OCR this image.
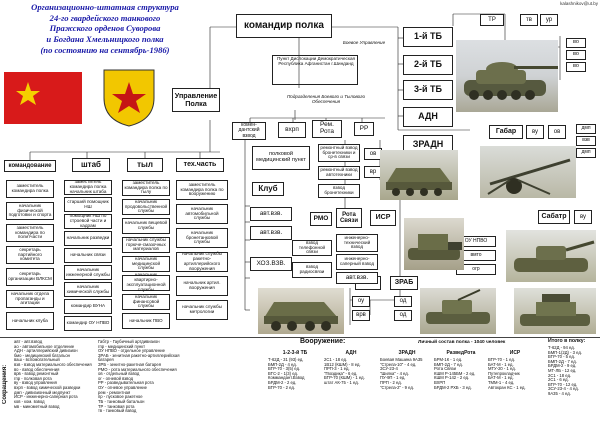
Организационно-штатная структура
24-го гвардейского танкового
Пражского орденов Суворова
и Богдана Хмельницкого полка
(по состоянию на сентябрь-1986)
kalashnikov@ut.by
командир полка
Управление Полка
Боевое Управление
Пункт Дислокации Демократическая Республика Афганистан г.Шинданд
Подразделения Боевого и Тылового Обеспечения
1-й ТБ
2-й ТБ
3-й ТБ
АДН
ЗРАДН
ТР	тв	ур
во
во
во
Габар	ву	ов
дмп
взв
дмп
Сабатр	ву
ОУ НПВО
вмто
огр
ЗРАБ
оу
врв
од
од
комен-дантский взвод
вхрп
Рем. Рота	РР
полковой медицинский пункт
Клуб
авт.взв.
авт.взв.
ХОЗ.ВЗВ.
РМО	Рота Связи	ИСР
ремонтный взвод бронетехники и ср-в связи
ремонтный взвод автотехники
взвод бронетехники
ов
вр
взвод телефонной связи
взвод радиосвязи
инженерно-технический взвод
инженерно-саперный взвод
авт.взв.
командование	штаб	тыл	тех.часть
заместитель командира полка
начальник физической подготовки и спорта
заместитель командира по политчасти
секретарь партийного комитета
секретарь организации ВЛКСМ
начальник отдела пропаганды и агитации
начальник клуба
заместитель командира полка начальник штаба
старший помощник НШ
помощник НШ по строевой части и кадрам
начальник разведки
начальник связи
начальник инженерной службы
начальник химической службы
командир ВУНА
командир ОУ НПВО
заместитель командира полка по тылу
начальник продовольственной службы
начальник вещевой службы
начальник службы горюче-смазочных материалов
начальник медицинской службы
начальник квартирно-эксплуатационной службы
начальник финансовой службы
начальник ПВО
заместитель командира полка по вооружению
начальник автомобильной службы
начальник бронетанковой службы
начальник службы ракетно-артиллерийского вооружения
начальник артил. вооружения
начальник службы метрологии
Сокращения:
авт - авт.взвод
ао - автомобильное отделение
АДН - артиллерийский дивизион
бмо - медицинский батальон
ваш - вспомогательный
взв - взвод материального обеспечения
во - взвод обеспечения
врв - взвод ремонтный
гпр - полковая рота
ву - взвод управления
вхрп - взвод химической разведки
дмп - дивизионный медпункт
ИСР - инженерно-саперная рота
ков - ком. взвод
мв - минометный взвод
Габтр - Гаубичный артдивизион
гпр - медицинский пункт
ОУ НПВО - отдельное управление
ЗРАБ - зенитная ракетно-артиллерийская батарея
ЗРБ - зенитно-ракетная батарея
РМО - рота материального обеспечения
ов - отдельный взвод
ог - огневой взвод
РР - разведывательная рота
ОУ - огневое управление
рем - ремонтная
пр - пусковое ракетное
ТБ - танковый батальон
ТР - танковая рота
тв - танковый взвод
Вооружение:	Личный состав полка - 1040 человек
1-2-3-й ТБ
Т-62Д - 31 (93) ед.
БМП-2Д - 4 ед.
БТР-70 - 3(5) ед.
БТС-2 - 1(3) ед.
Коммандант.Взвод
БРДМ-2 - 2 ед.
БТР-70 - 2 ед.
АДН
2С1 - 18 ед.
1В12 (КШМ) - 8 ед.
ПРП-3 - 1 ед.
"Гвоздика" - 6 ед.
БТР-70 (КШМ) - 1 ед.
штат АК-75 - 1 ед.
ЗРАДН
Боевая Машина 9А35
"Стрела-10" - 4 ед.
ЗСУ-23-4
"Шилка" - 4 ед.
ПУ-9П - 1 ед.
ПРП - 2 ед.
"Стрела-2" - 9 ед.
РазведРота
БРМ-1К - 1 ед.
БМП-2Д - 7 ед.
Рота Связи
КШМ Р-145БМ - 2 ед.
КШМ Р-142 - 2 ед.
ВХРП
БРДМ-2 РХБ - 3 ед.
ИСР
БТР-70 - 1 ед.
БАТ-М - 1 ед.
МТУ-20 - 1 ед.
Путепрокладчик
БАТ-М - 1 ед.
ТММ-1 - 4 ед.
Автокран КС - 1 ед.
Итого в полку:
Т-62Д - 94 ед.
БМП-1(2Д) - 3 ед.
БТР-70 - 5 ед.
БМП-2Д - 7 ед.
БРДМ-2 - 9 ед.
МТ-ЛБ - 12 ед.
2С1 - 18 ед.
2С1 - 6 ед.
БТР-70 - 12 ед.
ЗСУ-23-4 - 4 ед.
9А35 - 4 ед.
